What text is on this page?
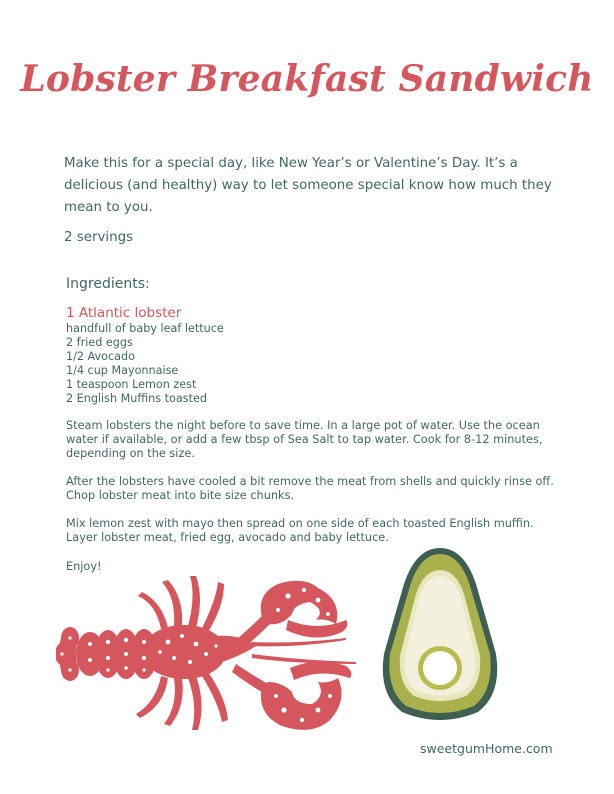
Lobster Breakfast Sandwich
Make this for a special day, like New Year’s or Valentine’s Day. It’s a delicious (and healthy) way to let someone special know how much they mean to you.
2 servings
Ingredients:
1 Atlantic lobster
handfull of baby leaf lettuce
2 fried eggs
1/2 Avocado
1/4 cup Mayonnaise
1 teaspoon Lemon zest
2 English Muffins toasted
Steam lobsters the night before to save time. In a large pot of water. Use the ocean water if available, or add a few tbsp of Sea Salt to tap water. Cook for 8-12 minutes, depending on the size.
After the lobsters have cooled a bit remove the meat from shells and quickly rinse off. Chop lobster meat into bite size chunks.
Mix lemon zest with mayo then spread on one side of each toasted English muffin. Layer lobster meat, fried egg, avocado and baby lettuce.
Enjoy!
sweetgumHome.com
